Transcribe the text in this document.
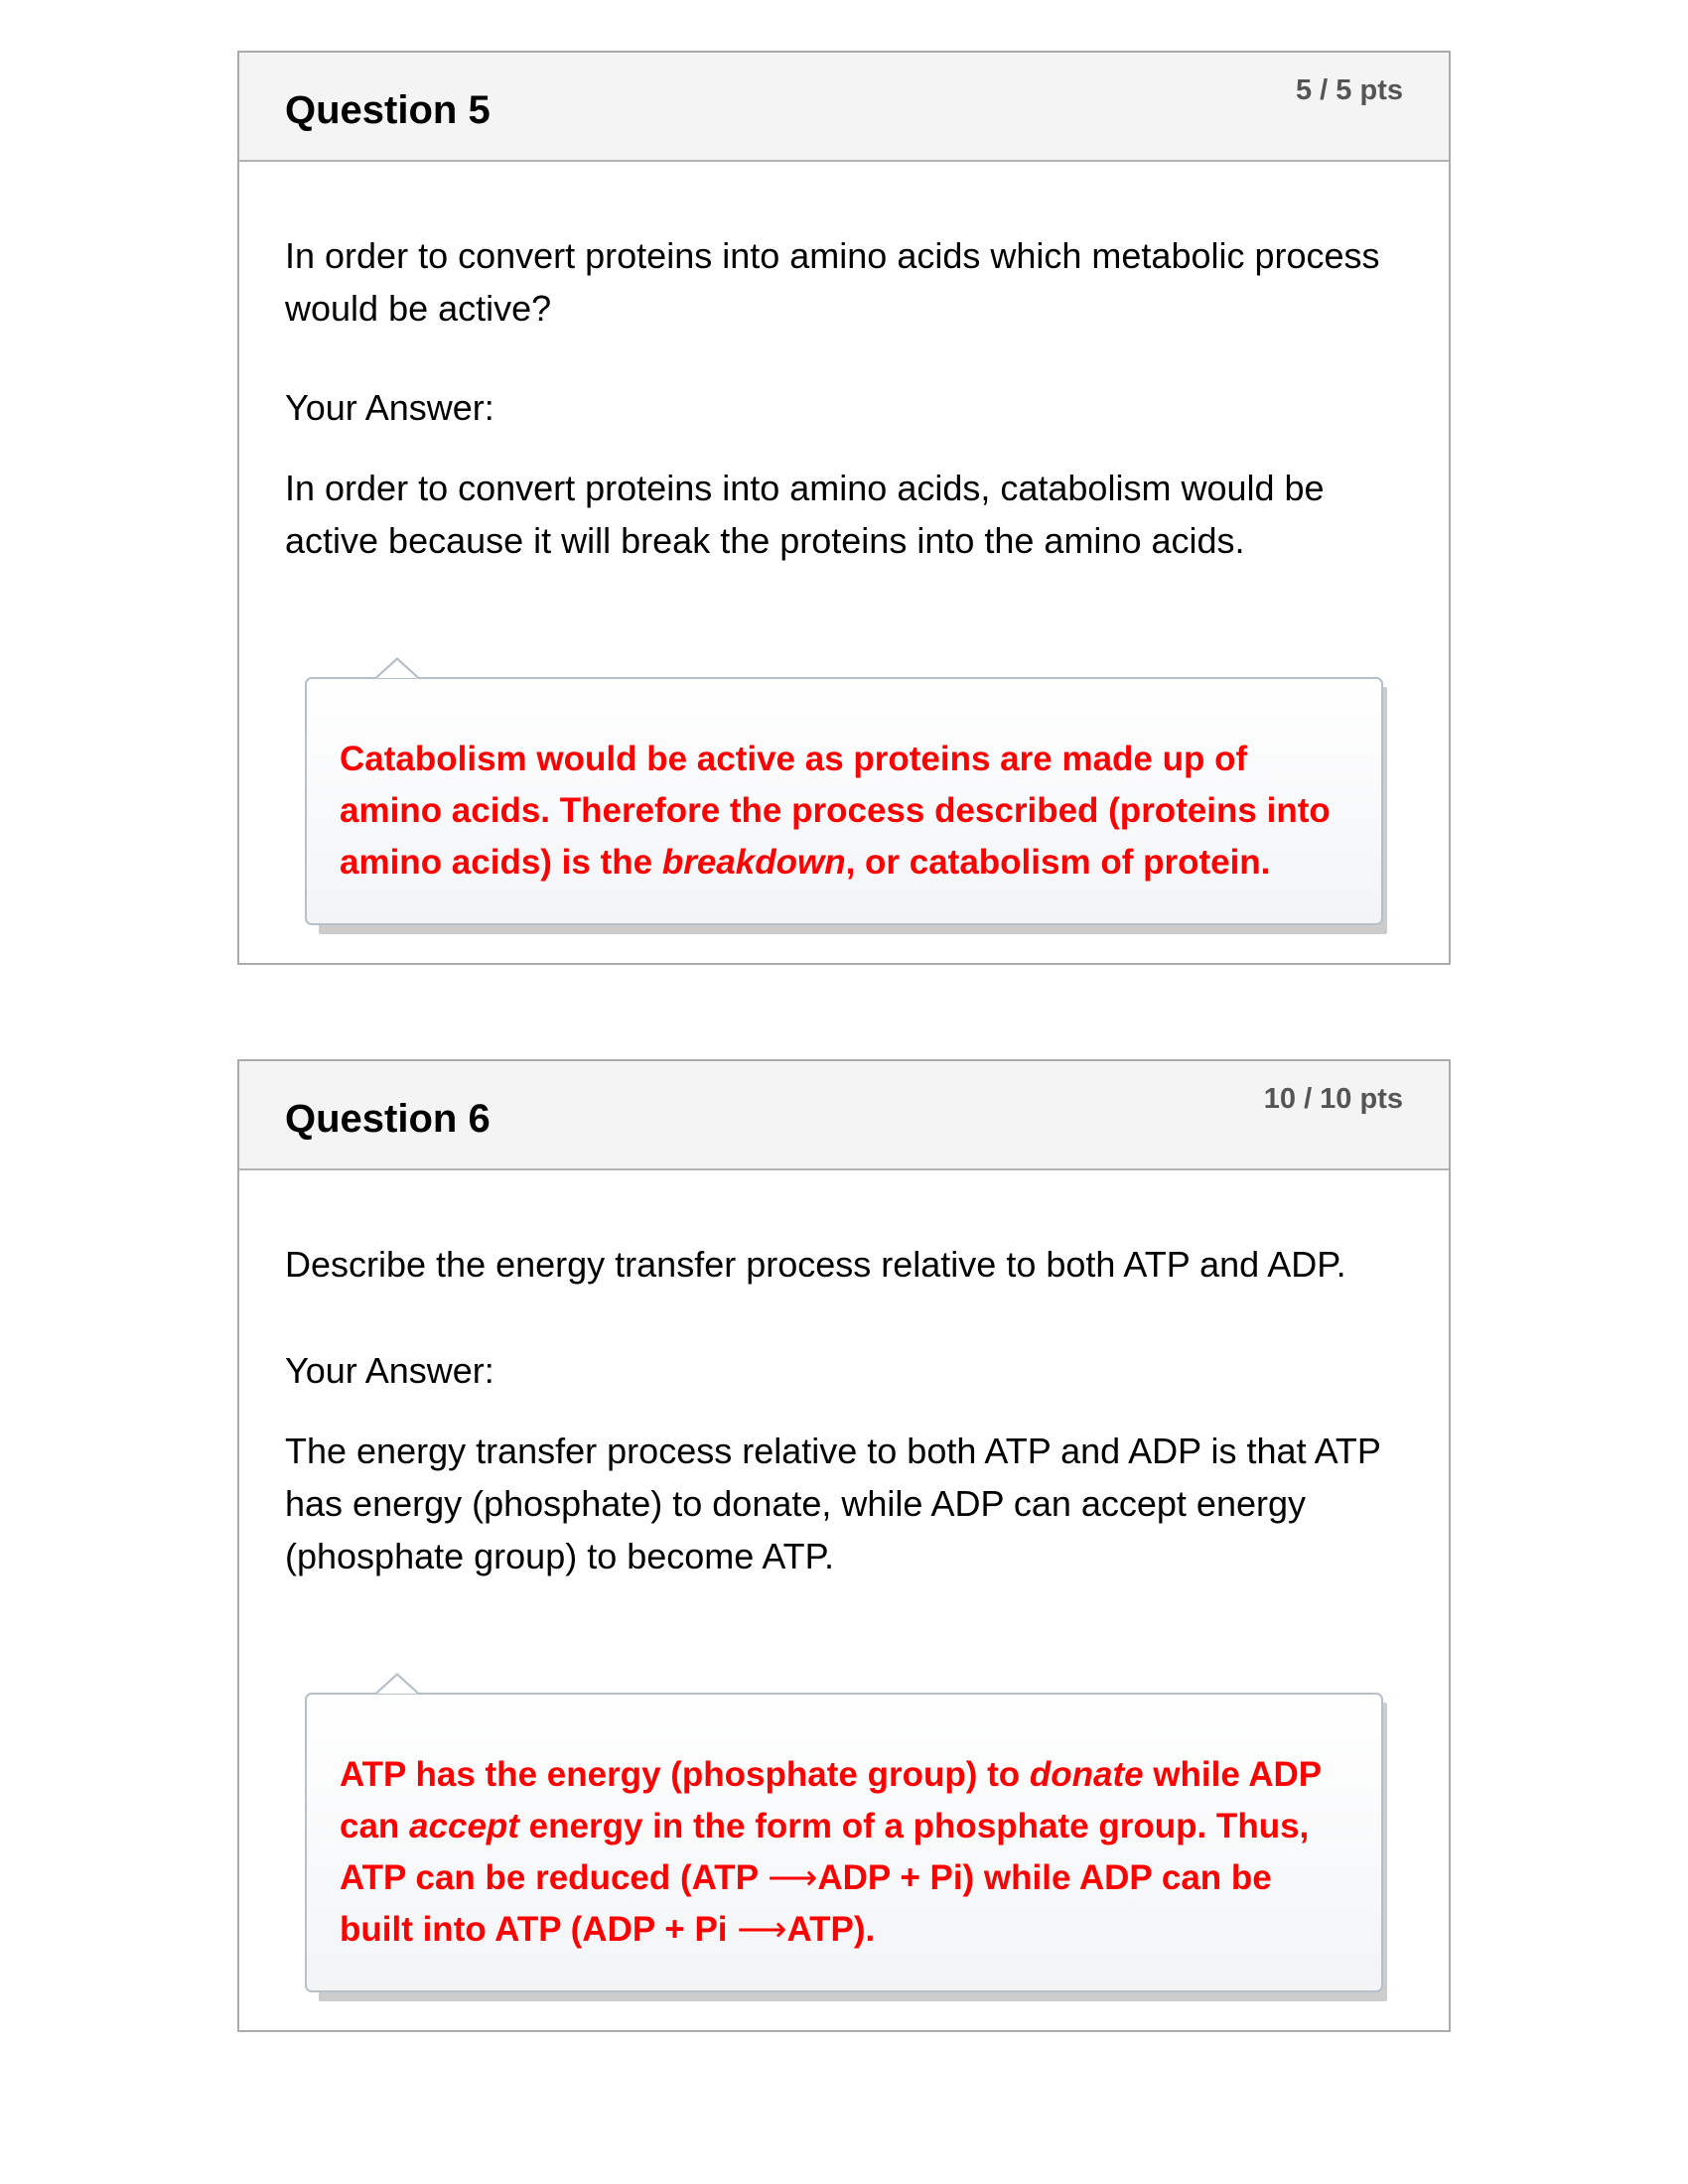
Question 5	5 / 5 pts

In order to convert proteins into amino acids which metabolic process would be active?

Your Answer:

In order to convert proteins into amino acids, catabolism would be active because it will break the proteins into the amino acids.

Catabolism would be active as proteins are made up of amino acids. Therefore the process described (proteins into amino acids) is the breakdown, or catabolism of protein.

Question 6	10 / 10 pts

Describe the energy transfer process relative to both ATP and ADP.

Your Answer:

The energy transfer process relative to both ATP and ADP is that ATP has energy (phosphate) to donate, while ADP can accept energy (phosphate group) to become ATP.

ATP has the energy (phosphate group) to donate while ADP can accept energy in the form of a phosphate group. Thus, ATP can be reduced (ATP ⟶ADP + Pi) while ADP can be built into ATP (ADP + Pi ⟶ATP).
